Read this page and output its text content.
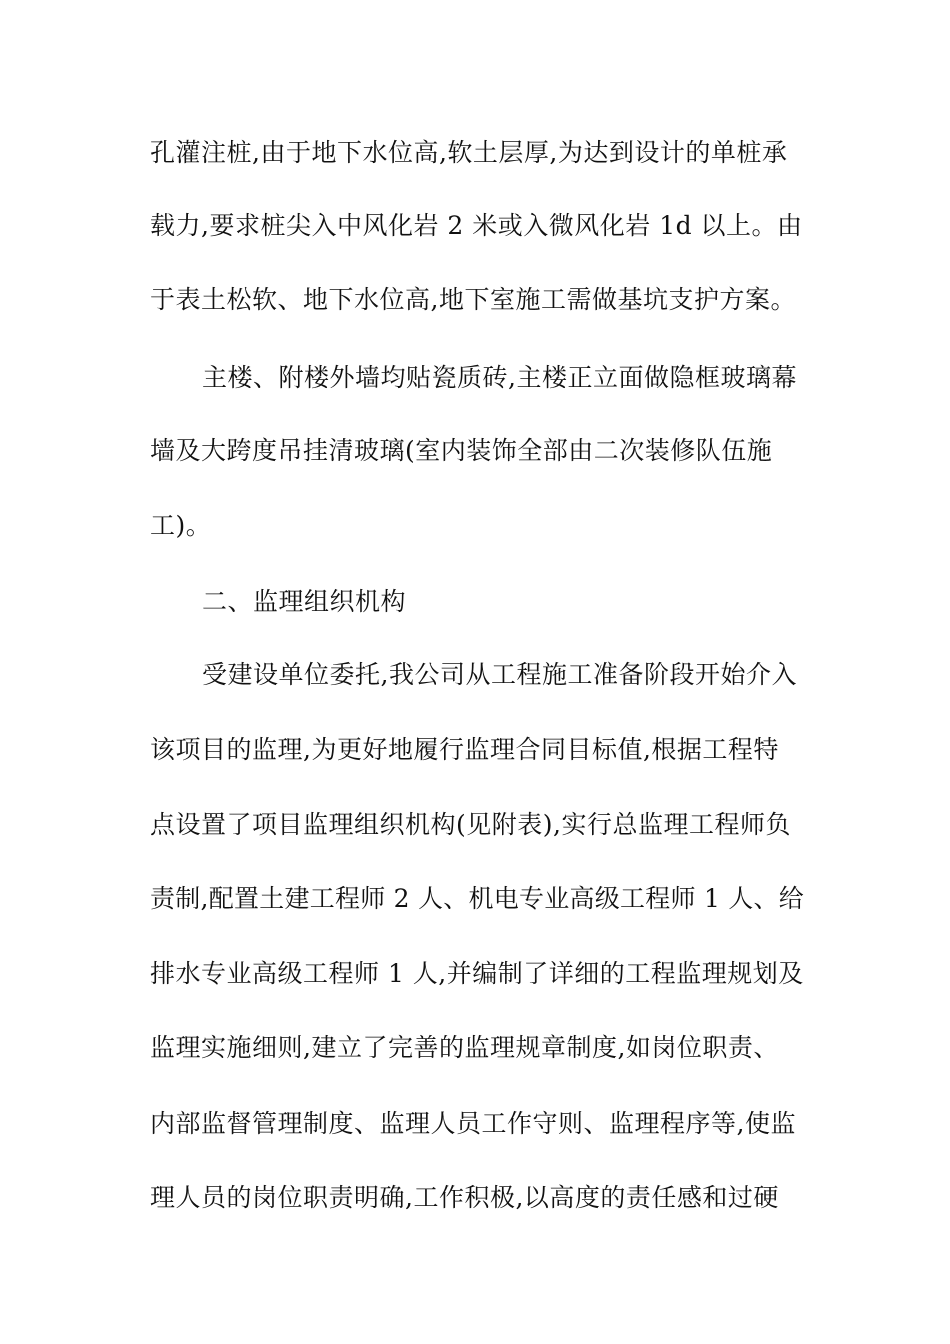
孔灌注桩,由于地下水位高,软土层厚,为达到设计的单桩承
载力,要求桩尖入中风化岩 2 米或入微风化岩 1d 以上。由
于表土松软、地下水位高,地下室施工需做基坑支护方案。
主楼、附楼外墙均贴瓷质砖,主楼正立面做隐框玻璃幕
墙及大跨度吊挂清玻璃(室内装饰全部由二次装修队伍施
工)。
二、监理组织机构
受建设单位委托,我公司从工程施工准备阶段开始介入
该项目的监理,为更好地履行监理合同目标值,根据工程特
点设置了项目监理组织机构(见附表),实行总监理工程师负
责制,配置土建工程师 2 人、机电专业高级工程师 1 人、给
排水专业高级工程师 1 人,并编制了详细的工程监理规划及
监理实施细则,建立了完善的监理规章制度,如岗位职责、
内部监督管理制度、监理人员工作守则、监理程序等,使监
理人员的岗位职责明确,工作积极,以高度的责任感和过硬
